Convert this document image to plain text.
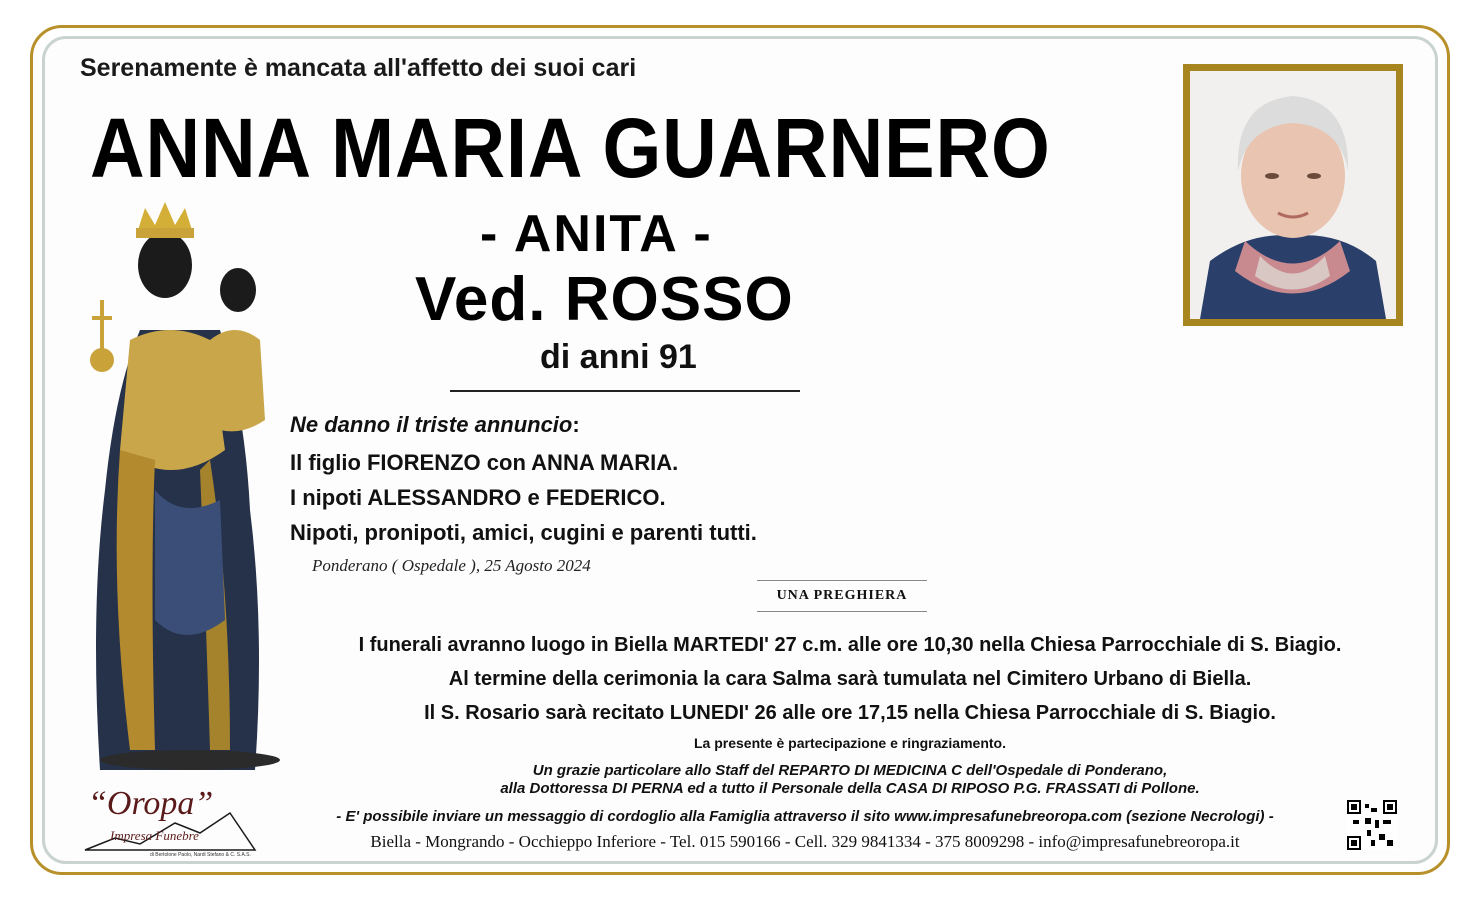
Serenamente è mancata all'affetto dei suoi cari
ANNA MARIA GUARNERO
- ANITA -
Ved. ROSSO
di anni 91
Ne danno il triste annuncio:
Il figlio FIORENZO con ANNA MARIA.
I nipoti ALESSANDRO e FEDERICO.
Nipoti, pronipoti, amici, cugini e parenti tutti.
Ponderano ( Ospedale ), 25 Agosto 2024
UNA PREGHIERA
I funerali avranno luogo in Biella MARTEDI' 27 c.m. alle ore 10,30 nella Chiesa Parrocchiale di S. Biagio.
Al termine della cerimonia la cara Salma sarà tumulata nel Cimitero Urbano di Biella.
Il S. Rosario sarà recitato LUNEDI' 26 alle ore 17,15 nella Chiesa Parrocchiale di S. Biagio.
La presente è partecipazione e ringraziamento.
Un grazie particolare allo Staff del REPARTO DI MEDICINA C dell'Ospedale di Ponderano,
alla Dottoressa DI PERNA ed a tutto il Personale della CASA DI RIPOSO P.G. FRASSATI di Pollone.
- E' possibile inviare un messaggio di cordoglio alla Famiglia attraverso il sito www.impresafunebreoropa.com (sezione Necrologi) -
Biella - Mongrando - Occhieppo Inferiore - Tel. 015 590166 - Cell. 329 9841334 - 375 8009298 - info@impresafunebreoropa.it
“Oropa”
Impresa Funebre
di Bertolone Paolo, Nardi Stefano & C. S.A.S.
